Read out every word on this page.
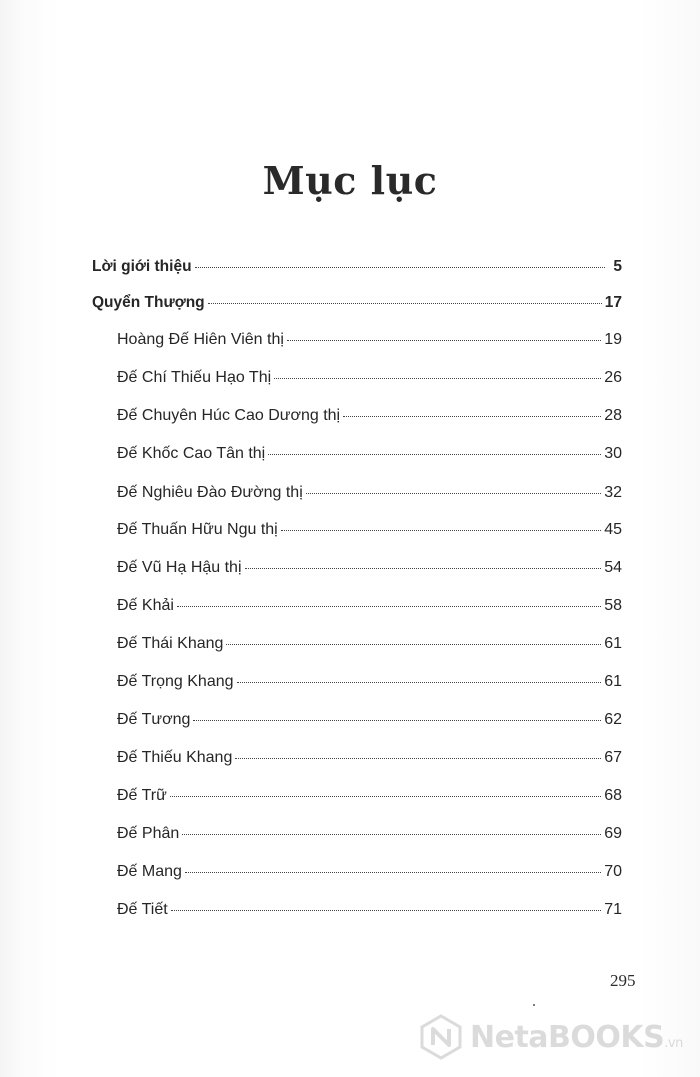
Mục lục
Lời giới thiệu	5
Quyển Thượng	17
Hoàng Đế Hiên Viên thị	19
Đế Chí Thiếu Hạo Thị	26
Đế Chuyên Húc Cao Dương thị	28
Đế Khốc Cao Tân thị	30
Đế Nghiêu Đào Đường thị	32
Đế Thuấn Hữu Ngu thị	45
Đế Vũ Hạ Hậu thị	54
Đế Khải	58
Đế Thái Khang	61
Đế Trọng Khang	61
Đế Tương	62
Đế Thiếu Khang	67
Đế Trữ	68
Đế Phân	69
Đế Mang	70
Đế Tiết	71
295
NetaBOOKS.vn
